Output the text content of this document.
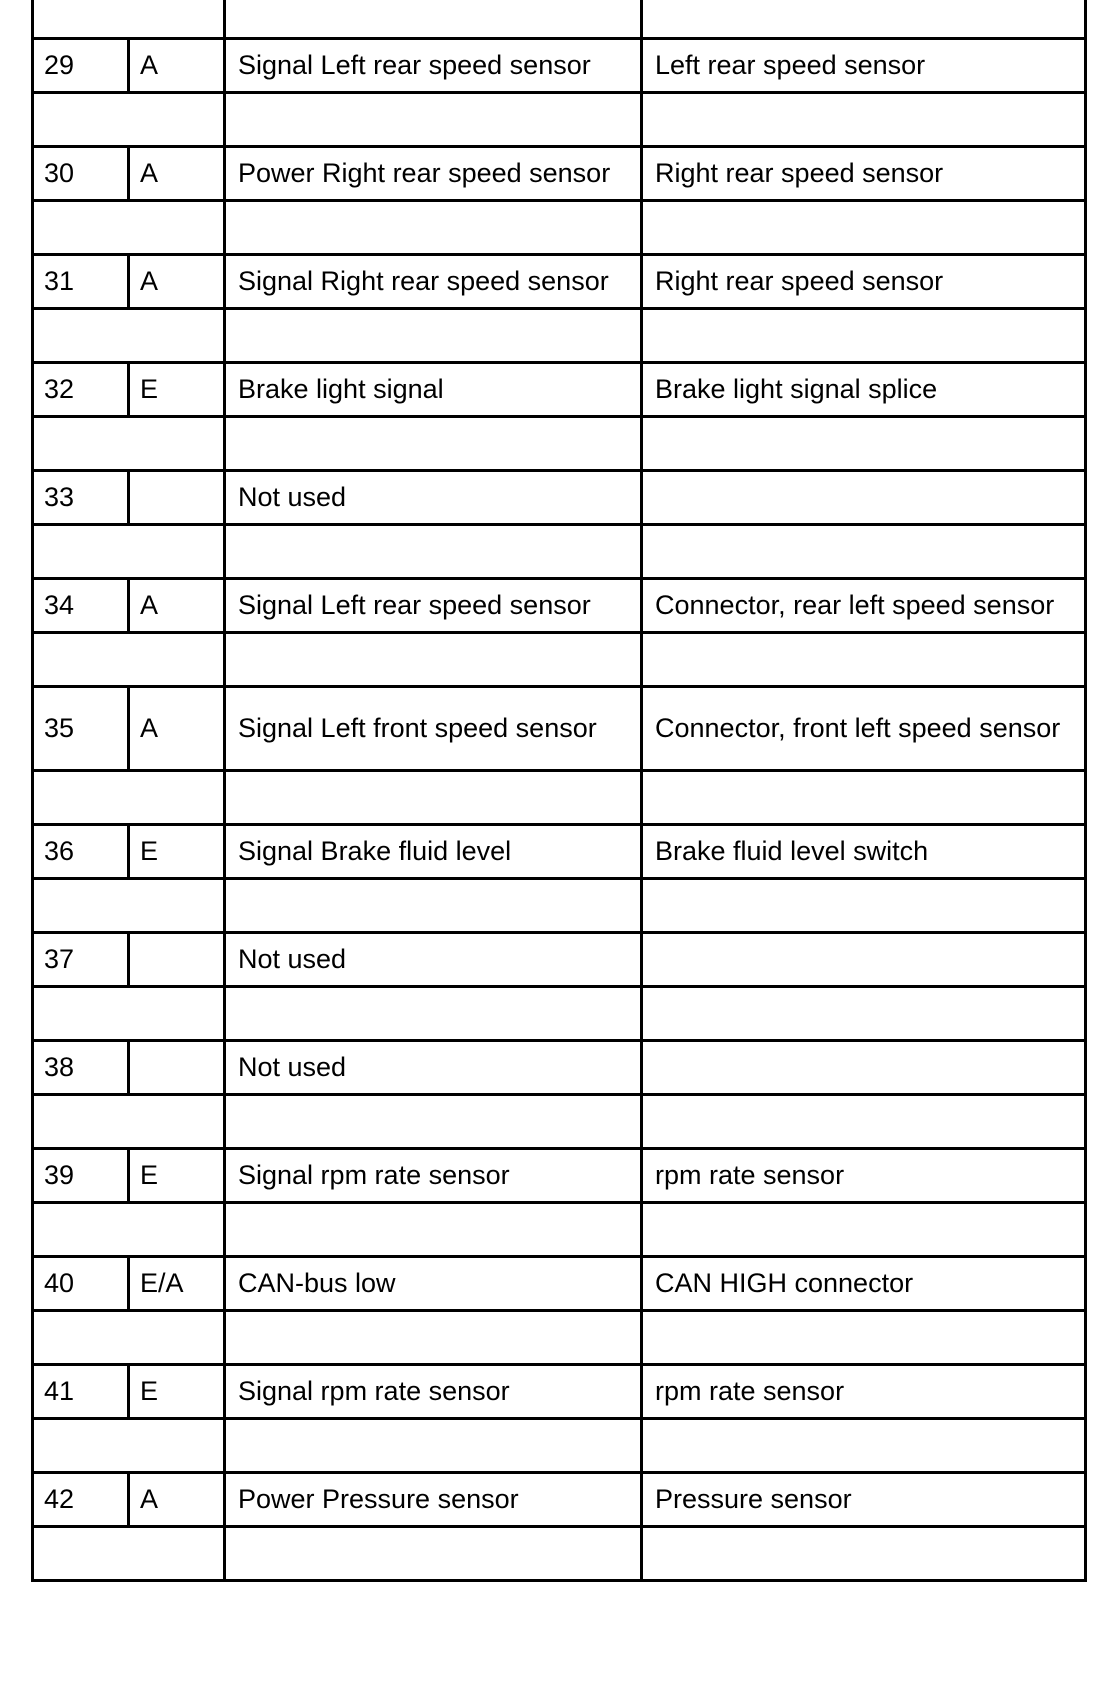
29	A	Signal Left rear speed sensor	Left rear speed sensor

30	A	Power Right rear speed sensor	Right rear speed sensor

31	A	Signal Right rear speed sensor	Right rear speed sensor

32	E	Brake light signal	Brake light signal splice

33		Not used	

34	A	Signal Left rear speed sensor	Connector, rear left speed sensor

35	A	Signal Left front speed sensor	Connector, front left speed sensor

36	E	Signal Brake fluid level	Brake fluid level switch

37		Not used	

38		Not used	

39	E	Signal rpm rate sensor	rpm rate sensor

40	E/A	CAN-bus low	CAN HIGH connector

41	E	Signal rpm rate sensor	rpm rate sensor

42	A	Power Pressure sensor	Pressure sensor
